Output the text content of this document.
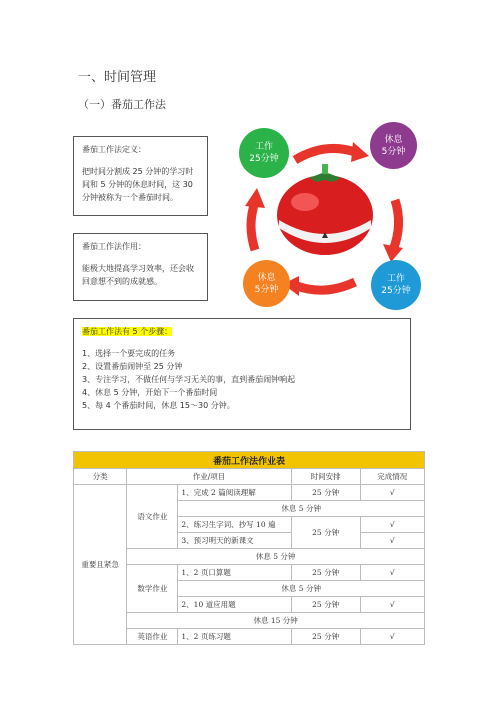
一、时间管理
（一）番茄工作法

番茄工作法定义：

把时间分割成 25 分钟的学习时间和 5 分钟的休息时间，这 30 分钟被称为一个番茄时间。

番茄工作法作用：

能极大地提高学习效率，还会收回意想不到的成就感。

番茄工作法有 5 个步骤：

1、选择一个要完成的任务

2、设置番茄闹钟至 25 分钟

3、专注学习，不做任何与学习无关的事，直到番茄闹钟响起

4、休息 5 分钟，开始下一个番茄时间

5、每 4 个番茄时间，休息 15～30 分钟。

工作
25分钟
休息
5分钟
休息
5分钟
工作
25分钟
番茄工作法作业表				
分类	作业/项目		时间安排	完成情况
重要且紧急	语文作业	1、完成 2 篇阅读理解	25 分钟	√
		休息 5 分钟		
		2、练习生字词、抄写 10 遍	25 分钟	√
		3、预习明天的新课文		√
	休息 5 分钟			
	数学作业	1、2 页口算题	25 分钟	√
		休息 5 分钟		
		2、10 道应用题	25 分钟	√
	休息 15 分钟			
	英语作业	1、2 页练习题	25 分钟	√
